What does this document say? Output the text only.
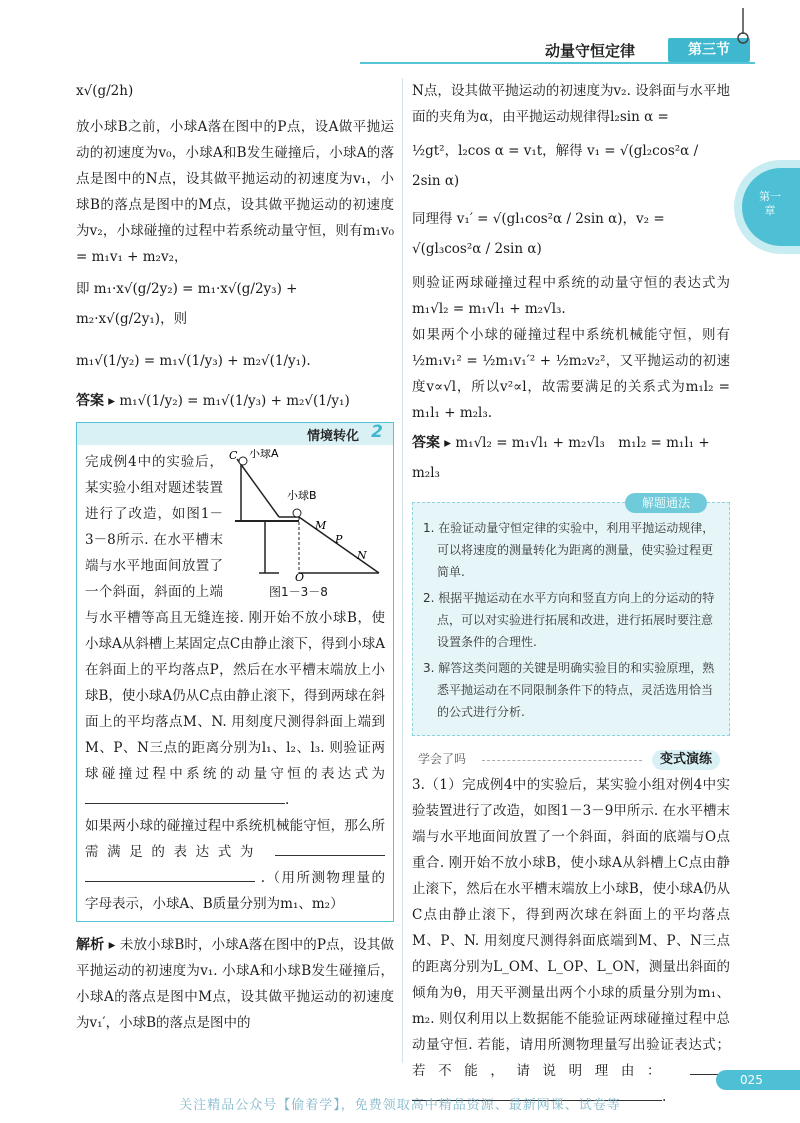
动量守恒定律	第三节
第一章

x√(g/2h)

放小球B之前，小球A落在图中的P点，设A做平抛运动的初速度为v₀，小球A和B发生碰撞后，小球A的落点是图中的N点，设其做平抛运动的初速度为v₁，小球B的落点是图中的M点，设其做平抛运动的初速度为v₂，小球碰撞的过程中若系统动量守恒，则有m₁v₀ = m₁v₁ + m₂v₂，

即 m₁·x√(g/2y₂) = m₁·x√(g/2y₃) + m₂·x√(g/2y₁)，则

m₁√(1/y₂) = m₁√(1/y₃) + m₂√(1/y₁).

答案 ▸ m₁√(1/y₂) = m₁√(1/y₃) + m₂√(1/y₁)

情境转化 2
C 小球A
小球B
M
P
N
O
图1－3－8

完成例4中的实验后，某实验小组对题述装置进行了改造，如图1－3－8所示. 在水平槽末端与水平地面间放置了一个斜面，斜面的上端与水平槽等高且无缝连接. 刚开始不放小球B，使小球A从斜槽上某固定点C由静止滚下，得到小球A在斜面上的平均落点P，然后在水平槽末端放上小球B，使小球A仍从C点由静止滚下，得到两球在斜面上的平均落点M、N. 用刻度尺测得斜面上端到M、P、N三点的距离分别为l₁、l₂、l₃. 则验证两球碰撞过程中系统的动量守恒的表达式为 .

如果两小球的碰撞过程中系统机械能守恒，那么所需满足的表达式为   .（用所测物理量的字母表示，小球A、B质量分别为m₁、m₂）

解析 ▸ 未放小球B时，小球A落在图中的P点，设其做平抛运动的初速度为v₁. 小球A和小球B发生碰撞后，小球A的落点是图中M点，设其做平抛运动的初速度为v₁′，小球B的落点是图中的

N点，设其做平抛运动的初速度为v₂. 设斜面与水平地面的夹角为α，由平抛运动规律得l₂sin α =

½gt²，l₂cos α = v₁t，解得 v₁ = √(gl₂cos²α / 2sin α)

同理得 v₁′ = √(gl₁cos²α / 2sin α)，v₂ = √(gl₃cos²α / 2sin α)

则验证两球碰撞过程中系统的动量守恒的表达式为 m₁√l₂ = m₁√l₁ + m₂√l₃.

如果两个小球的碰撞过程中系统机械能守恒，则有½m₁v₁² = ½m₁v₁′² + ½m₂v₂²，又平抛运动的初速度v∝√l，所以v²∝l，故需要满足的关系式为m₁l₂ = m₁l₁ + m₂l₃.

答案 ▸ m₁√l₂ = m₁√l₁ + m₂√l₃　m₁l₂ = m₁l₁ + m₂l₃

解题通法
1. 在验证动量守恒定律的实验中，利用平抛运动规律，可以将速度的测量转化为距离的测量，使实验过程更简单.
2. 根据平抛运动在水平方向和竖直方向上的分运动的特点，可以对实验进行拓展和改进，进行拓展时要注意设置条件的合理性.
3. 解答这类问题的关键是明确实验目的和实验原理，熟悉平抛运动在不同限制条件下的特点，灵活选用恰当的公式进行分析.
学会了吗	变式演练

3.（1）完成例4中的实验后，某实验小组对例4中实验装置进行了改造，如图1－3－9甲所示. 在水平槽末端与水平地面间放置了一个斜面，斜面的底端与O点重合. 刚开始不放小球B，使小球A从斜槽上C点由静止滚下，然后在水平槽末端放上小球B，使小球A仍从C点由静止滚下，得到两次球在斜面上的平均落点M、P、N. 用刻度尺测得斜面底端到M、P、N三点的距离分别为L_OM、L_OP、L_ON，测量出斜面的倾角为θ，用天平测量出两个小球的质量分别为m₁、m₂. 则仅利用以上数据能不能验证两球碰撞过程中总动量守恒. 若能，请用所测物理量写出验证表达式；若不能，请说明理由：  .

025
关注精品公众号【偷着学】，免费领取高中精品资源、最新网课、试卷等
